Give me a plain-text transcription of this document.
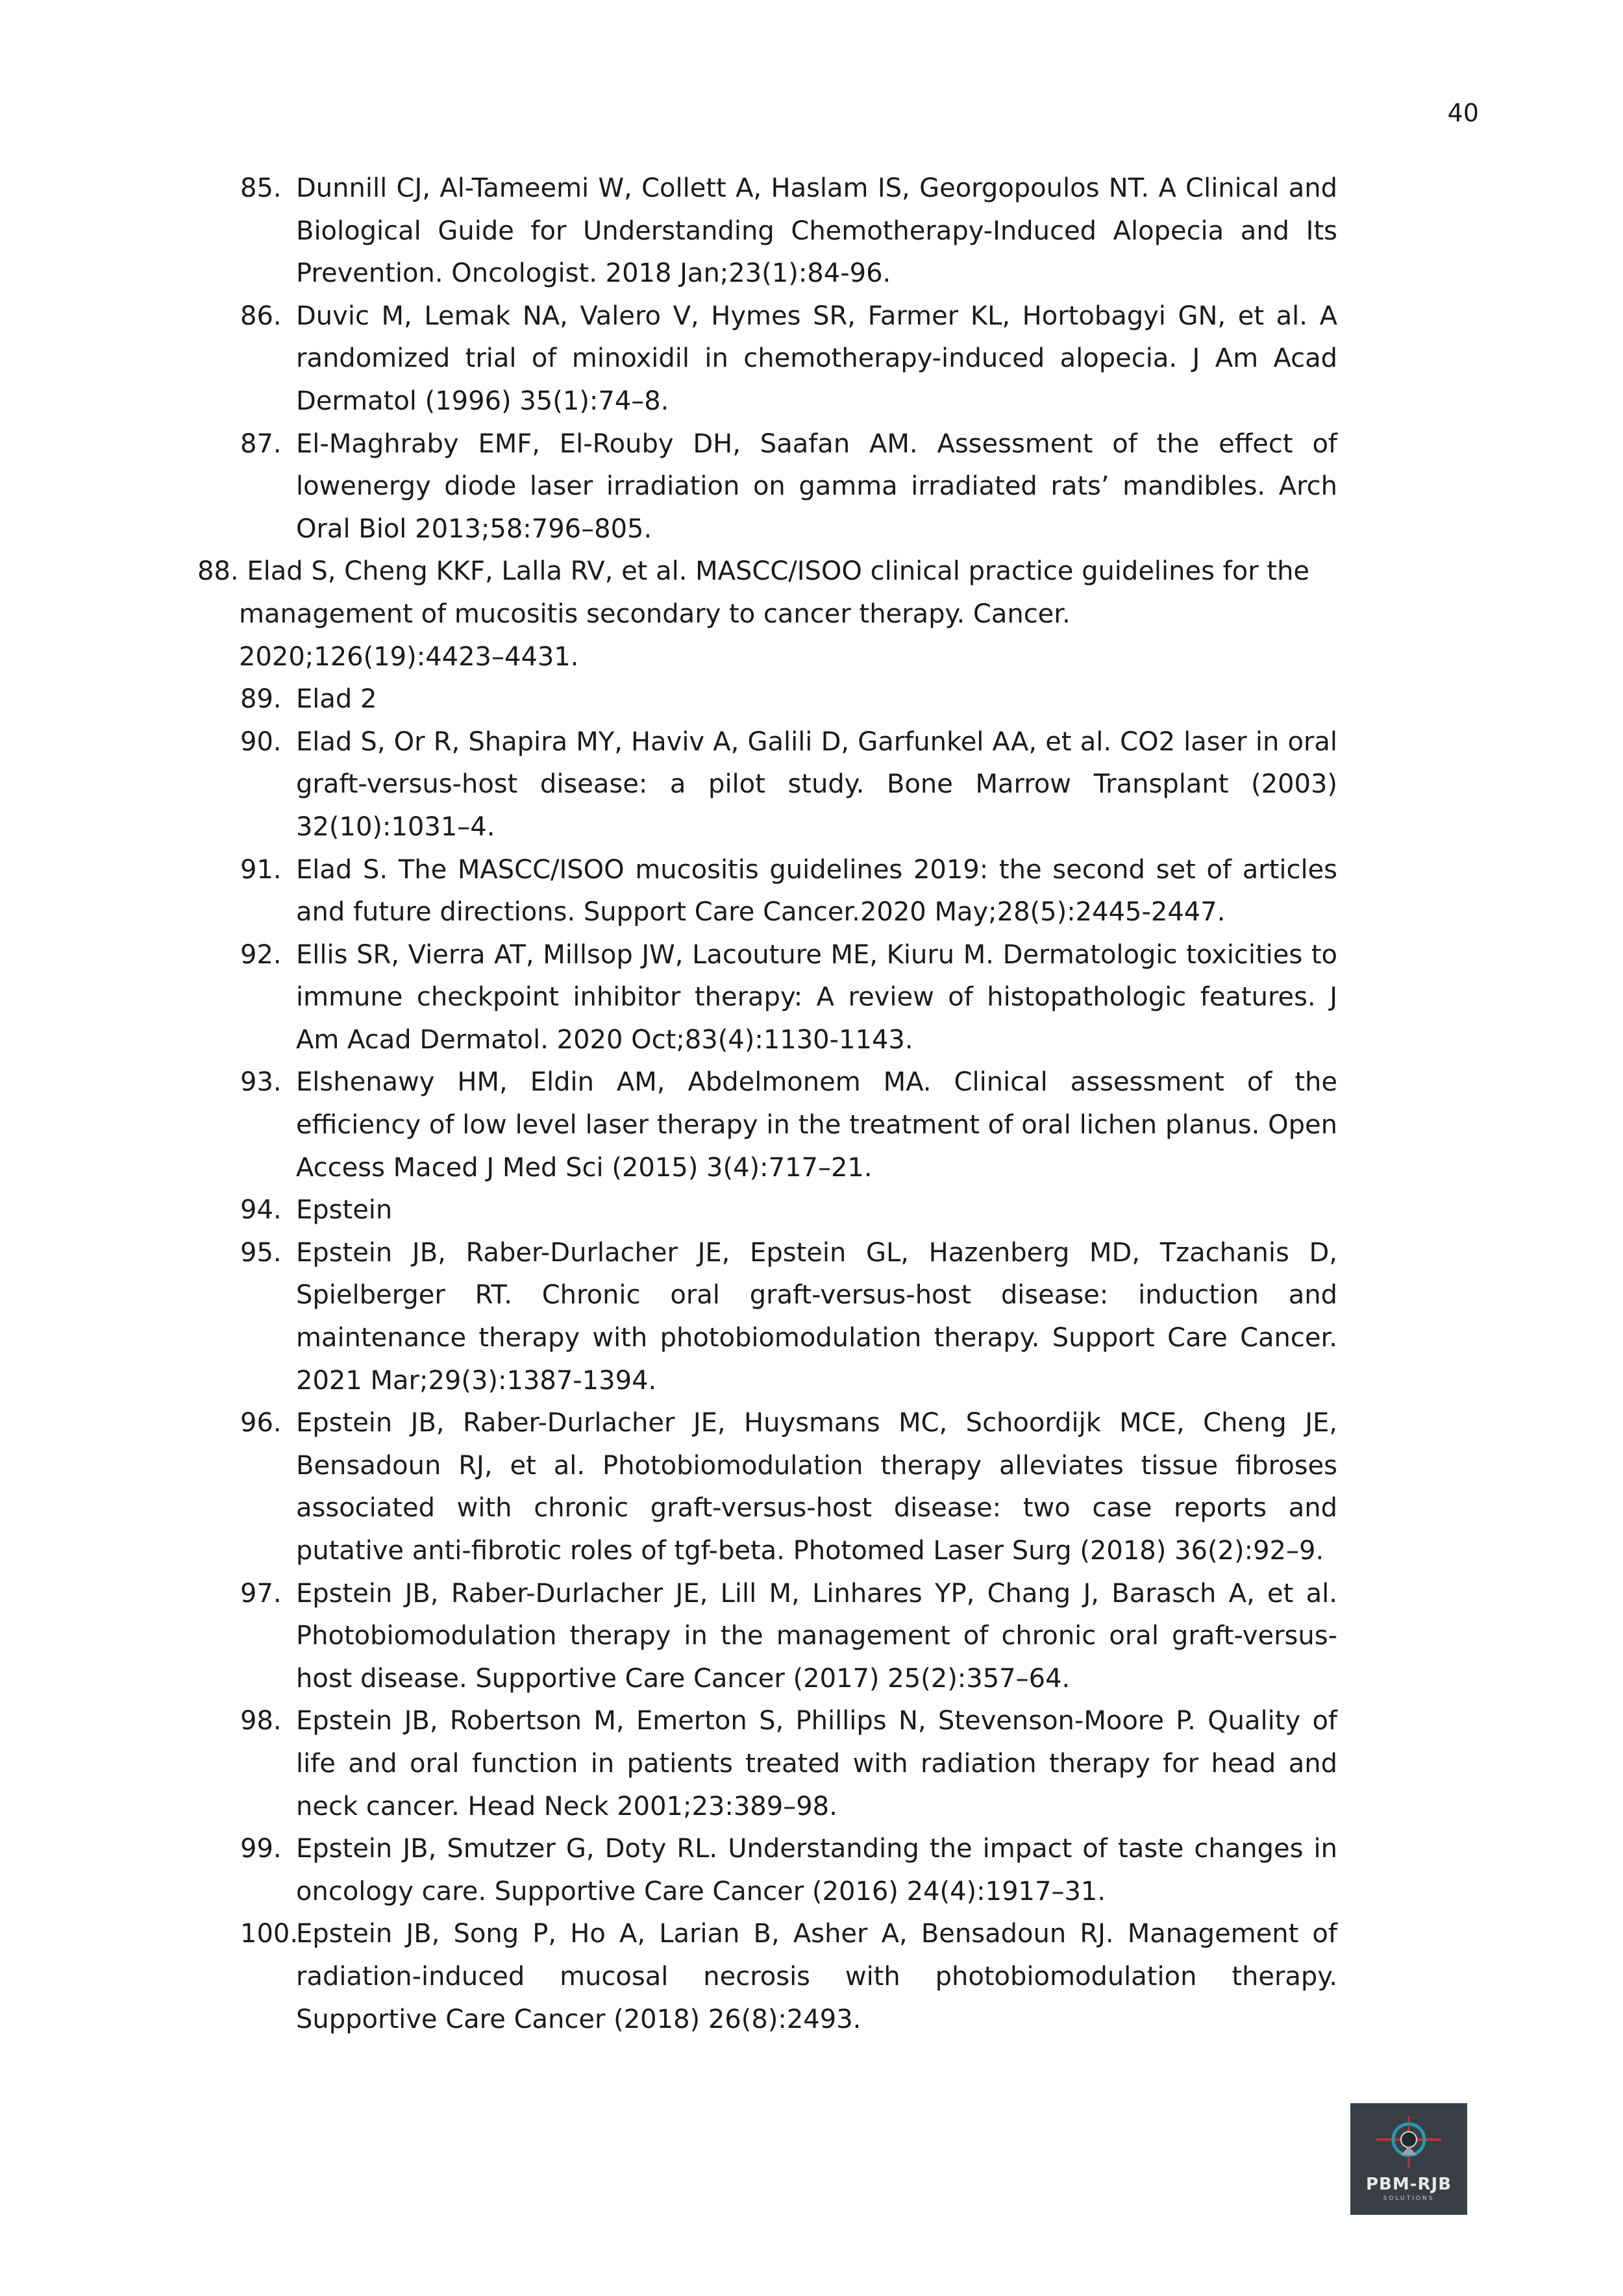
40
85. Dunnill CJ, Al-Tameemi W, Collett A, Haslam IS, Georgopoulos NT. A Clinical and Biological Guide for Understanding Chemotherapy-Induced Alopecia and Its Prevention. Oncologist. 2018 Jan;23(1):84-96.
86. Duvic M, Lemak NA, Valero V, Hymes SR, Farmer KL, Hortobagyi GN, et al. A randomized trial of minoxidil in chemotherapy-induced alopecia. J Am Acad Dermatol (1996) 35(1):74–8.
87. El-Maghraby EMF, El-Rouby DH, Saafan AM. Assessment of the effect of lowenergy diode laser irradiation on gamma irradiated rats’ mandibles. Arch Oral Biol 2013;58:796–805.
88. Elad S, Cheng KKF, Lalla RV, et al. MASCC/ISOO clinical practice guidelines for the
management of mucositis secondary to cancer therapy. Cancer.
2020;126(19):4423–4431.
89. Elad 2
90. Elad S, Or R, Shapira MY, Haviv A, Galili D, Garfunkel AA, et al. CO2 laser in oral graft-versus-host disease: a pilot study. Bone Marrow Transplant (2003) 32(10):1031–4.
91. Elad S. The MASCC/ISOO mucositis guidelines 2019: the second set of articles and future directions. Support Care Cancer.2020 May;28(5):2445-2447.
92. Ellis SR, Vierra AT, Millsop JW, Lacouture ME, Kiuru M. Dermatologic toxicities to immune checkpoint inhibitor therapy: A review of histopathologic features. J Am Acad Dermatol. 2020 Oct;83(4):1130-1143.
93. Elshenawy HM, Eldin AM, Abdelmonem MA. Clinical assessment of the efficiency of low level laser therapy in the treatment of oral lichen planus. Open Access Maced J Med Sci (2015) 3(4):717–21.
94. Epstein
95. Epstein JB, Raber-Durlacher JE, Epstein GL, Hazenberg MD, Tzachanis D, Spielberger RT. Chronic oral graft-versus-host disease: induction and maintenance therapy with photobiomodulation therapy. Support Care Cancer. 2021 Mar;29(3):1387-1394.
96. Epstein JB, Raber-Durlacher JE, Huysmans MC, Schoordijk MCE, Cheng JE, Bensadoun RJ, et al. Photobiomodulation therapy alleviates tissue fibroses associated with chronic graft-versus-host disease: two case reports and putative anti-fibrotic roles of tgf-beta. Photomed Laser Surg (2018) 36(2):92–9.
97. Epstein JB, Raber-Durlacher JE, Lill M, Linhares YP, Chang J, Barasch A, et al. Photobiomodulation therapy in the management of chronic oral graft-versus-host disease. Supportive Care Cancer (2017) 25(2):357–64.
98. Epstein JB, Robertson M, Emerton S, Phillips N, Stevenson-Moore P. Quality of life and oral function in patients treated with radiation therapy for head and neck cancer. Head Neck 2001;23:389–98.
99. Epstein JB, Smutzer G, Doty RL. Understanding the impact of taste changes in oncology care. Supportive Care Cancer (2016) 24(4):1917–31.
100.
Epstein JB, Song P, Ho A, Larian B, Asher A, Bensadoun RJ. Management of radiation-induced mucosal necrosis with photobiomodulation therapy. Supportive Care Cancer (2018) 26(8):2493.
PBM-RJB
SOLUTIONS
